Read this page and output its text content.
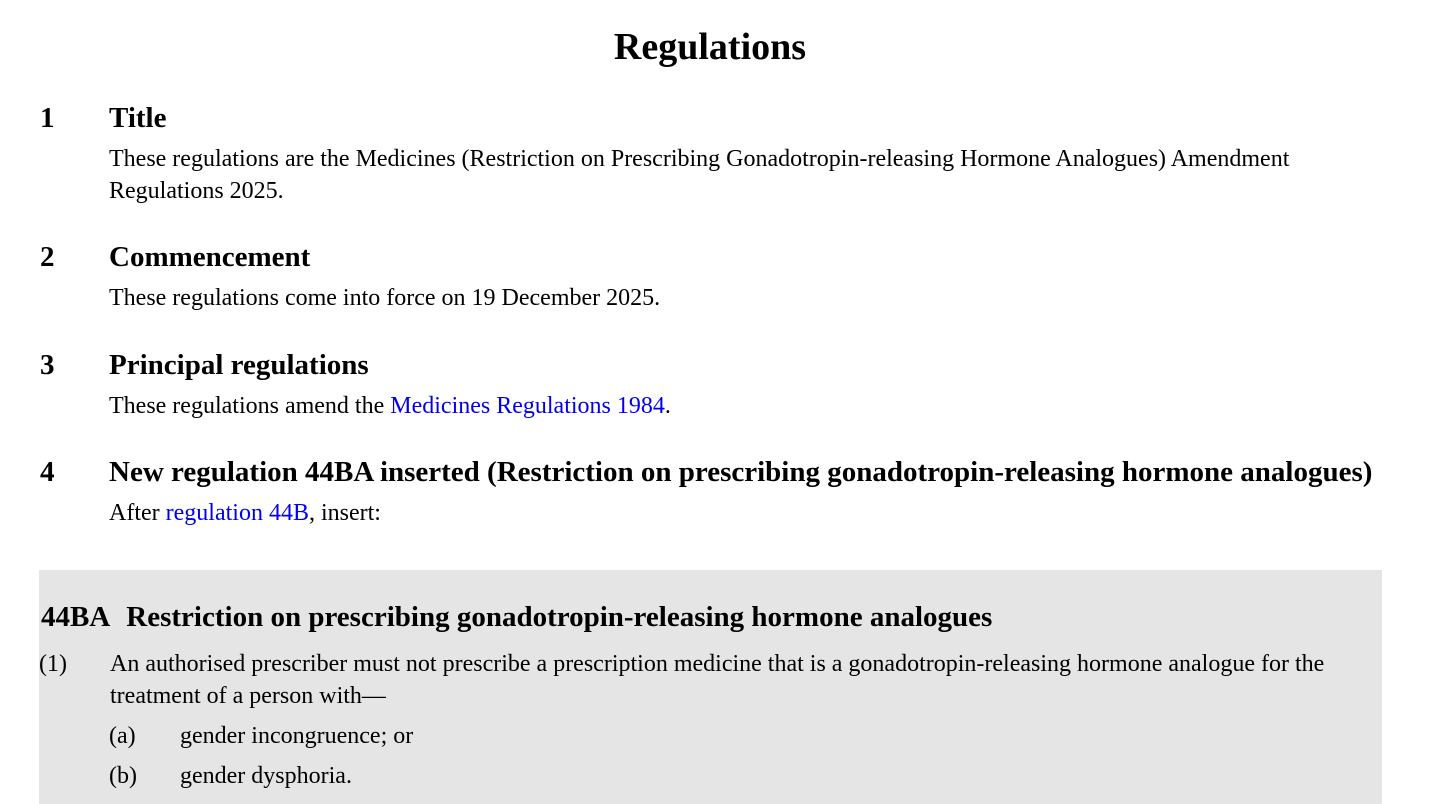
Regulations
1	Title
These regulations are the Medicines (Restriction on Prescribing Gonadotropin-releasing Hormone Analogues) Amendment Regulations 2025.
2	Commencement
These regulations come into force on 19 December 2025.
3	Principal regulations
These regulations amend the Medicines Regulations 1984.
4	New regulation 44BA inserted (Restriction on prescribing gonadotropin-releasing hormone analogues)
After regulation 44B, insert:
44BA Restriction on prescribing gonadotropin-releasing hormone analogues
(1)	An authorised prescriber must not prescribe a prescription medicine that is a gonadotropin-releasing hormone analogue for the treatment of a person with—
(a)	gender incongruence; or
(b)	gender dysphoria.
